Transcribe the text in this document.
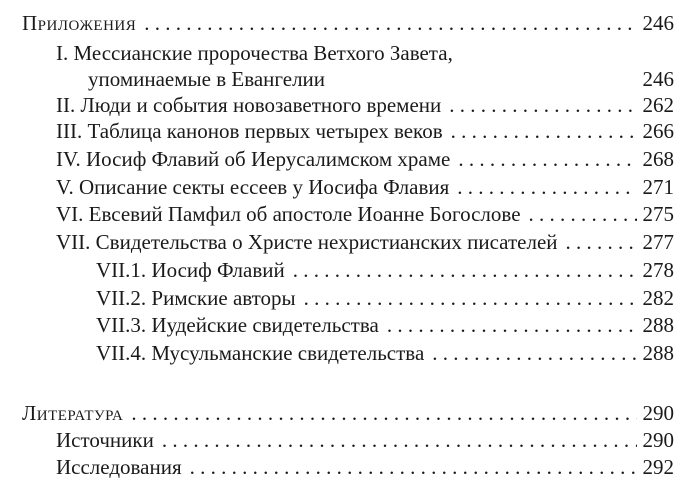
Приложения . . .	246
I. Мессианские пророчества Ветхого Завета,
упоминаемые в Евангелии	246
II. Люди и события новозаветного времени . . .	262
III. Таблица канонов первых четырех веков . . .	266
IV. Иосиф Флавий об Иерусалимском храме . . .	268
V. Описание секты ессеев у Иосифа Флавия . . .	271
VI. Евсевий Памфил об апостоле Иоанне Богослове . . .	275
VII. Свидетельства о Христе нехристианских писателей . . .	277
VII.1. Иосиф Флавий . . .	278
VII.2. Римские авторы . . .	282
VII.3. Иудейские свидетельства . . .	288
VII.4. Мусульманские свидетельства . . .	288
Литература . . .	290
Источники . . .	290
Исследования . . .	292
